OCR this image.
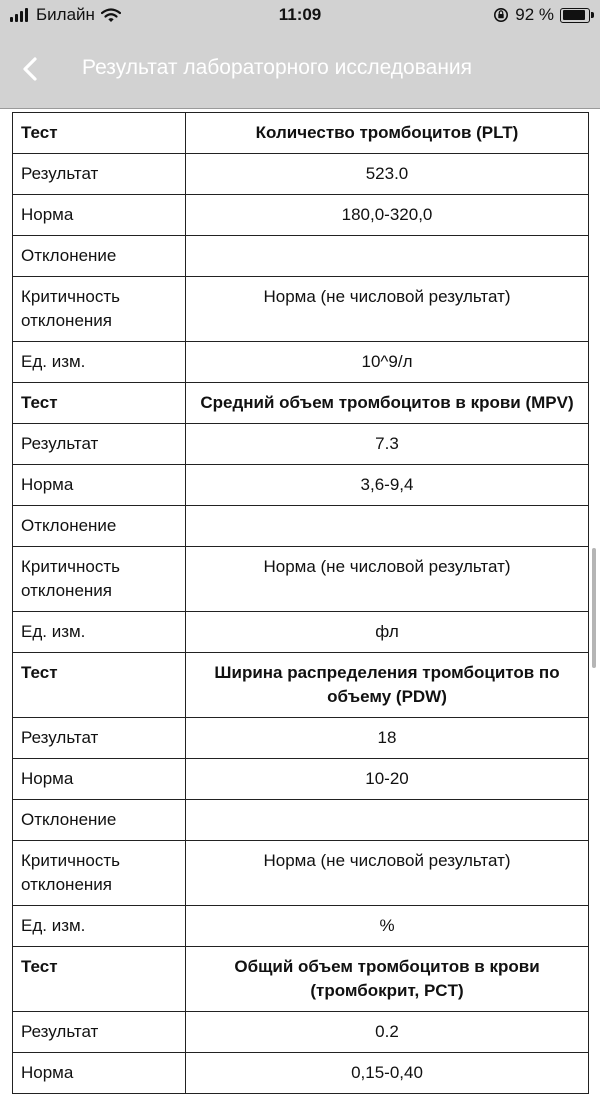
Билайн	11:09	92 %
Результат лабораторного исследования
Тест	Количество тромбоцитов (PLT)
Результат	523.0
Норма	180,0-320,0
Отклонение	
Критичность отклонения	Норма (не числовой результат)
Ед. изм.	10^9/л
Тест	Средний объем тромбоцитов в крови (MPV)
Результат	7.3
Норма	3,6-9,4
Отклонение	
Критичность отклонения	Норма (не числовой результат)
Ед. изм.	фл
Тест	Ширина распределения тромбоцитов по объему (PDW)
Результат	18
Норма	10-20
Отклонение	
Критичность отклонения	Норма (не числовой результат)
Ед. изм.	%
Тест	Общий объем тромбоцитов в крови (тромбокрит, PCT)
Результат	0.2
Норма	0,15-0,40
